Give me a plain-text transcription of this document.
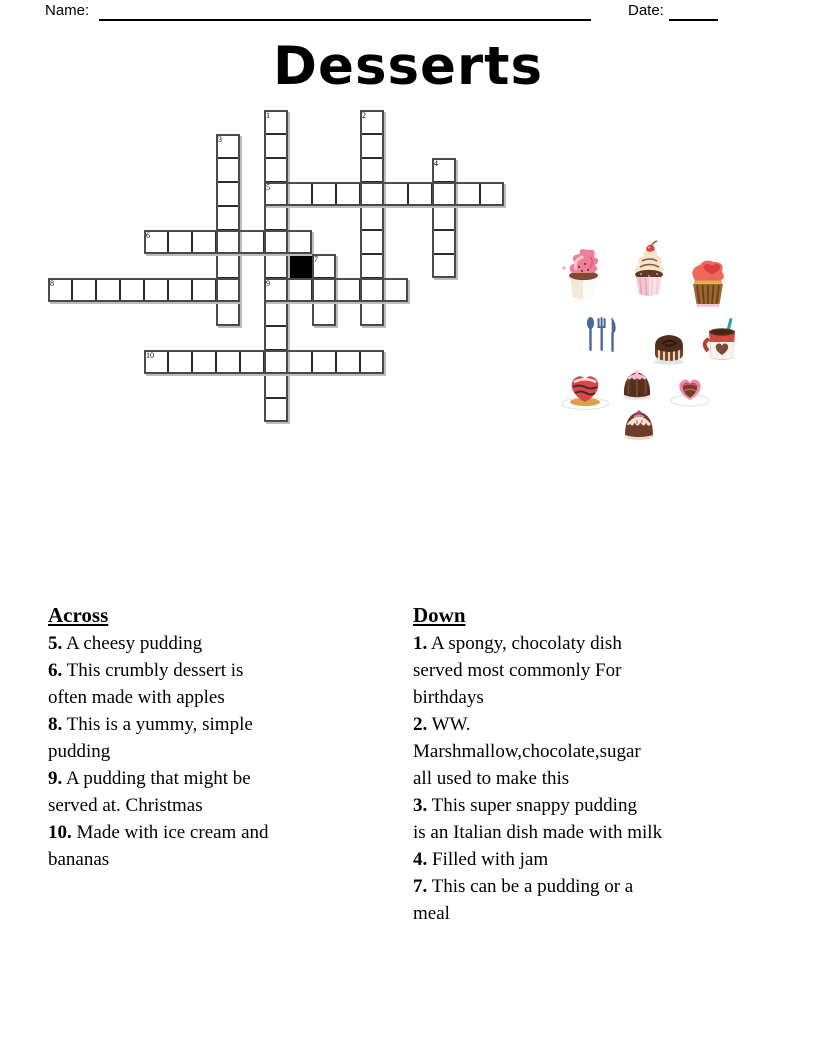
Name:	Date:
Desserts
1	2
3
4
5
6
7
8	9
10
Across
5. A cheesy pudding
6. This crumbly dessert is
often made with apples
8. This is a yummy, simple
pudding
9. A pudding that might be
served at. Christmas
10. Made with ice cream and
bananas
Down
1. A spongy, chocolaty dish
served most commonly For
birthdays
2. WW.
Marshmallow,chocolate,sugar
all used to make this
3. This super snappy pudding
is an Italian dish made with milk
4. Filled with jam
7. This can be a pudding or a
meal
